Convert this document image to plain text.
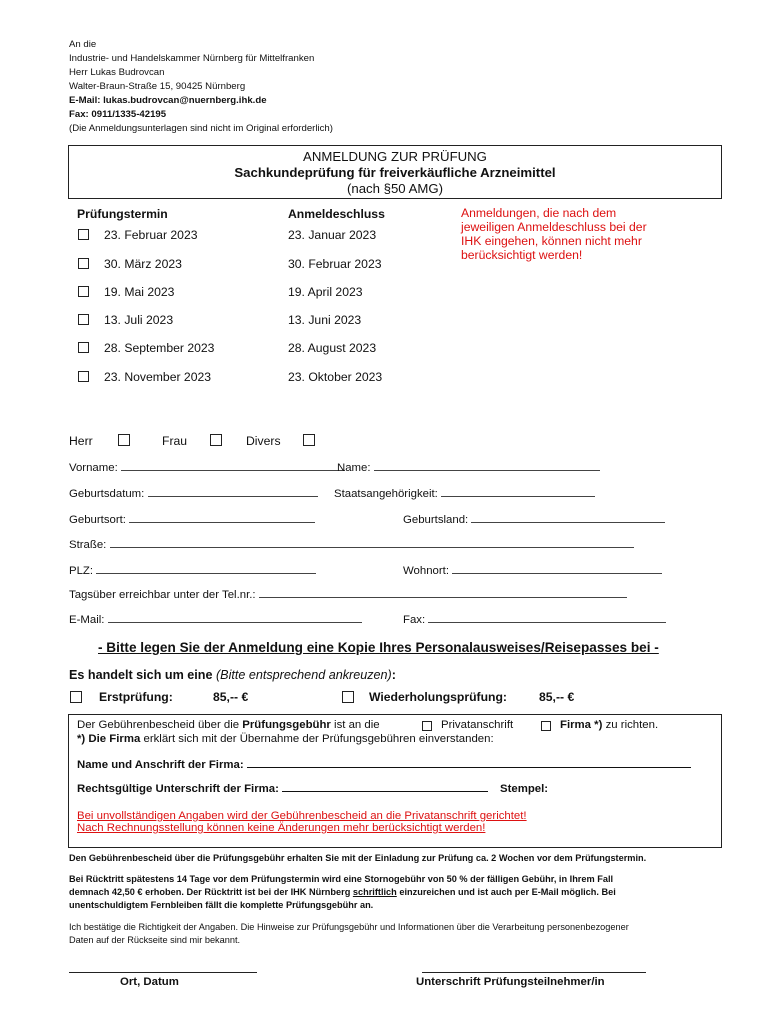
An die
Industrie- und Handelskammer Nürnberg für Mittelfranken
Herr Lukas Budrovcan
Walter-Braun-Straße 15, 90425 Nürnberg
E-Mail: lukas.budrovcan@nuernberg.ihk.de
Fax: 0911/1335-42195
(Die Anmeldungsunterlagen sind nicht im Original erforderlich)
ANMELDUNG ZUR PRÜFUNG
Sachkundeprüfung für freiverkäufliche Arzneimittel
(nach §50 AMG)
Prüfungstermin	Anmeldeschluss	Anmeldungen, die nach dem jeweiligen Anmeldeschluss bei der IHK eingehen, können nicht mehr berücksichtigt werden!
23. Februar 2023	23. Januar 2023
30. März 2023	30. Februar 2023
19. Mai 2023	19. April 2023
13. Juli 2023	13. Juni 2023
28. September 2023	28. August 2023
23. November 2023	23. Oktober 2023
Herr	Frau	Divers
Vorname:	Name:
Geburtsdatum:	Staatsangehörigkeit:
Geburtsort:	Geburtsland:
Straße:
PLZ:	Wohnort:
Tagsüber erreichbar unter der Tel.nr.:
E-Mail:	Fax:
- Bitte legen Sie der Anmeldung eine Kopie Ihres Personalausweises/Reisepasses bei -
Es handelt sich um eine (Bitte entsprechend ankreuzen):
Erstprüfung:	85,-- €	Wiederholungsprüfung:	85,-- €
Der Gebührenbescheid über die Prüfungsgebühr ist an die	Privatanschrift	Firma *) zu richten.
*) Die Firma erklärt sich mit der Übernahme der Prüfungsgebühren einverstanden:
Name und Anschrift der Firma:
Rechtsgültige Unterschrift der Firma:	Stempel:
Bei unvollständigen Angaben wird der Gebührenbescheid an die Privatanschrift gerichtet!
Nach Rechnungsstellung können keine Änderungen mehr berücksichtigt werden!
Den Gebührenbescheid über die Prüfungsgebühr erhalten Sie mit der Einladung zur Prüfung ca. 2 Wochen vor dem Prüfungstermin.
Bei Rücktritt spätestens 14 Tage vor dem Prüfungstermin wird eine Stornogebühr von 50 % der fälligen Gebühr, in Ihrem Fall
demnach 42,50 € erhoben. Der Rücktritt ist bei der IHK Nürnberg schriftlich einzureichen und ist auch per E-Mail möglich. Bei
unentschuldigtem Fernbleiben fällt die komplette Prüfungsgebühr an.
Ich bestätige die Richtigkeit der Angaben. Die Hinweise zur Prüfungsgebühr und Informationen über die Verarbeitung personenbezogener
Daten auf der Rückseite sind mir bekannt.
Ort, Datum	Unterschrift Prüfungsteilnehmer/in
